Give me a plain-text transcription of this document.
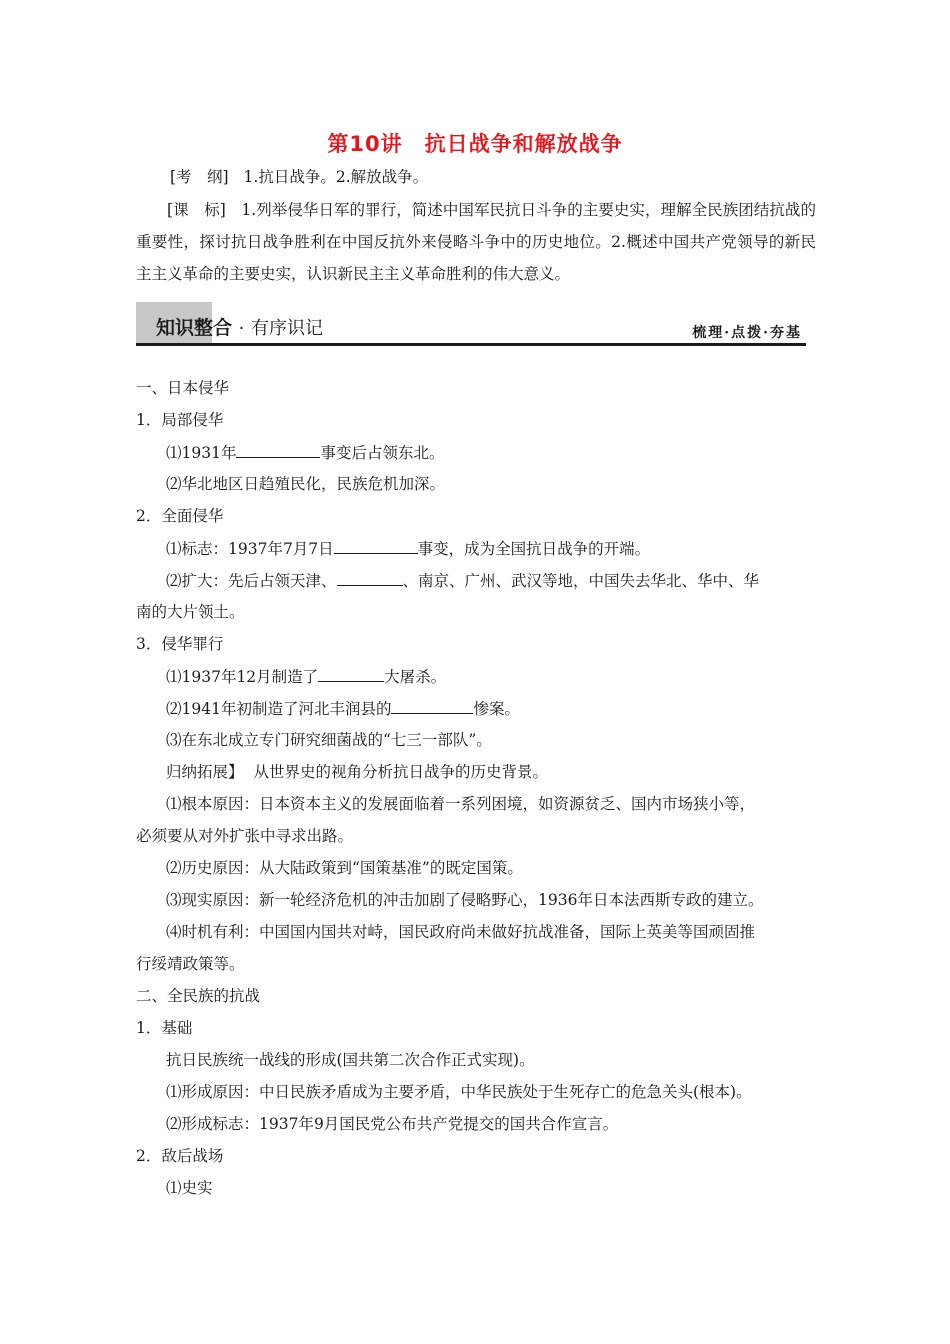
第10讲　抗日战争和解放战争
[考　纲] 1.抗日战争。2.解放战争。
[课　标]　 1.列举侵华日军的罪行，简述中国军民抗日斗争的主要史实，理解全民族团结抗战的重要性，探讨抗日战争胜利在中国反抗外来侵略斗争中的历史地位。2.概述中国共产党领导的新民主主义革命的主要史实，认识新民主主义革命胜利的伟大意义。
知识整合 · 有序识记	梳理·点拨·夯基
一、日本侵华
1．局部侵华
⑴1931年	事变后占领东北。
⑵华北地区日趋殖民化，民族危机加深。
2．全面侵华
⑴标志：1937年7月7日	事变，成为全国抗日战争的开端。
⑵扩大：先后占领天津、	、南京、广州、武汉等地，中国失去华北、华中、华
南的大片领土。
3．侵华罪行
⑴1937年12月制造了	大屠杀。
⑵1941年初制造了河北丰润县的	惨案。
⑶在东北成立专门研究细菌战的“七三一部队”。
归纳拓展】 从世界史的视角分析抗日战争的历史背景。
⑴根本原因：日本资本主义的发展面临着一系列困境，如资源贫乏、国内市场狭小等，
必须要从对外扩张中寻求出路。
⑵历史原因：从大陆政策到“国策基准”的既定国策。
⑶现实原因：新一轮经济危机的冲击加剧了侵略野心，1936年日本法西斯专政的建立。
⑷时机有利：中国国内国共对峙，国民政府尚未做好抗战准备，国际上英美等国顽固推
行绥靖政策等。
二、全民族的抗战
1．基础
抗日民族统一战线的形成(国共第二次合作正式实现)。
⑴形成原因：中日民族矛盾成为主要矛盾，中华民族处于生死存亡的危急关头(根本)。
⑵形成标志：1937年9月国民党公布共产党提交的国共合作宣言。
2．敌后战场
⑴史实
